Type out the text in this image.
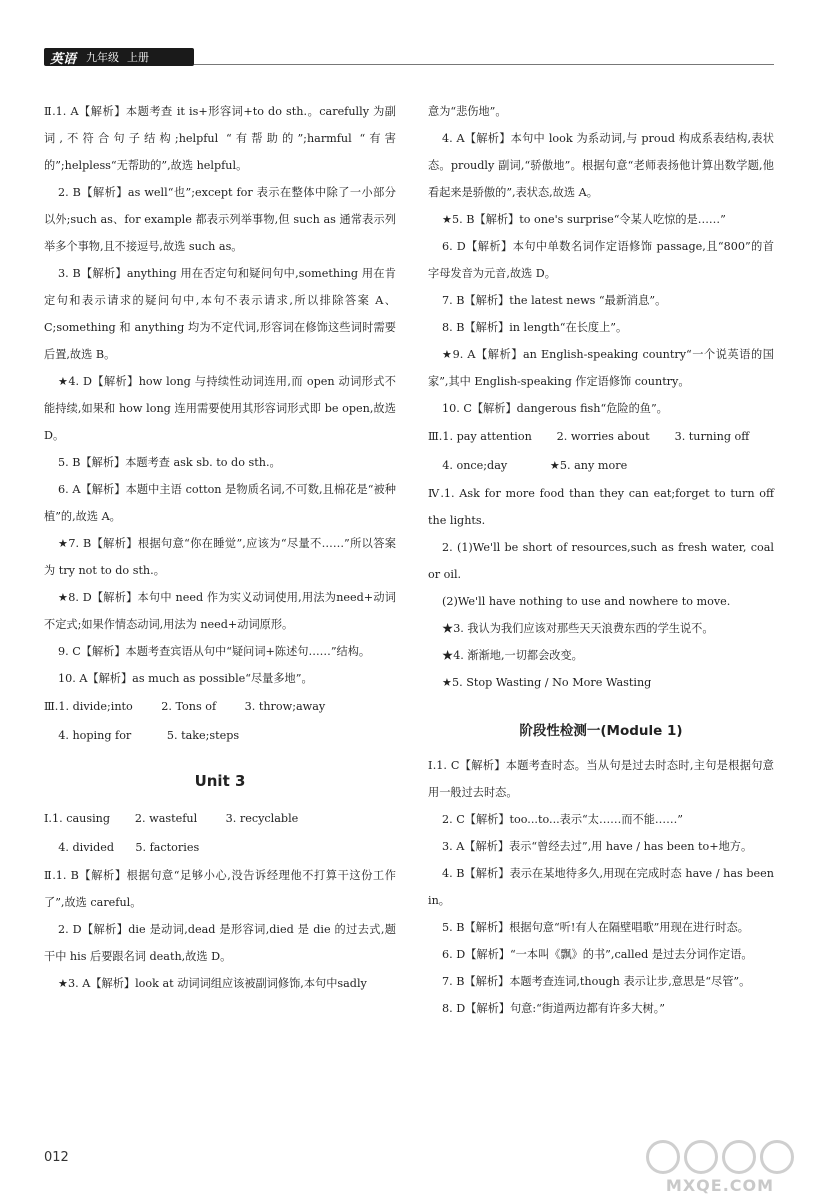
英语 九年级 上册

Ⅱ.1. A【解析】本题考查 it is+形容词+to do sth.。carefully 为副词,不符合句子结构;helpful “有帮助的”;harmful “有害的”;helpless“无帮助的”,故选 helpful。

2. B【解析】as well“也”;except for 表示在整体中除了一小部分以外;such as、for example 都表示列举事物,但 such as 通常表示列举多个事物,且不接逗号,故选 such as。

3. B【解析】anything 用在否定句和疑问句中,something 用在肯定句和表示请求的疑问句中,本句不表示请求,所以排除答案 A、C;something 和 anything 均为不定代词,形容词在修饰这些词时需要后置,故选 B。

★4. D【解析】how long 与持续性动词连用,而 open 动词形式不能持续,如果和 how long 连用需要使用其形容词形式即 be open,故选 D。

5. B【解析】本题考查 ask sb. to do sth.。

6. A【解析】本题中主语 cotton 是物质名词,不可数,且棉花是“被种植”的,故选 A。

★7. B【解析】根据句意“你在睡觉”,应该为“尽量不……”所以答案为 try not to do sth.。

★8. D【解析】本句中 need 作为实义动词使用,用法为need+动词不定式;如果作情态动词,用法为 need+动词原形。

9. C【解析】本题考查宾语从句中“疑问词+陈述句……”结构。

10. A【解析】as much as possible“尽量多地”。

Ⅲ.1. divide;into        2. Tons of        3. throw;away
4. hoping for          5. take;steps
Unit 3
Ⅰ.1. causing       2. wasteful        3. recyclable
4. divided      5. factories

Ⅱ.1. B【解析】根据句意“足够小心,没告诉经理他不打算干这份工作了”,故选 careful。

2. D【解析】die 是动词,dead 是形容词,died 是 die 的过去式,题干中 his 后要跟名词 death,故选 D。

★3. A【解析】look at 动词词组应该被副词修饰,本句中sadly

意为“悲伤地”。

4. A【解析】本句中 look 为系动词,与 proud 构成系表结构,表状态。proudly 副词,“骄傲地”。根据句意“老师表扬他计算出数学题,他看起来是骄傲的”,表状态,故选 A。

★5. B【解析】to one's surprise“令某人吃惊的是……”

6. D【解析】本句中单数名词作定语修饰 passage,且“800”的首字母发音为元音,故选 D。

7. B【解析】the latest news “最新消息”。

8. B【解析】in length“在长度上”。

★9. A【解析】an English-speaking country“一个说英语的国家”,其中 English-speaking 作定语修饰 country。

10. C【解析】dangerous fish“危险的鱼”。

Ⅲ.1. pay attention       2. worries about       3. turning off
4. once;day            ★5. any more

Ⅳ.1. Ask for more food than they can eat;forget to turn off the lights.

2. (1)We'll be short of resources,such as fresh water, coal or oil.

(2)We'll have nothing to use and nowhere to move.

★3. 我认为我们应该对那些天天浪费东西的学生说不。

★4. 渐渐地,一切都会改变。

★5. Stop Wasting / No More Wasting

阶段性检测一(Module 1)

Ⅰ.1. C【解析】本题考查时态。当从句是过去时态时,主句是根据句意用一般过去时态。

2. C【解析】too...to...表示“太……而不能……”

3. A【解析】表示“曾经去过”,用 have / has been to+地方。

4. B【解析】表示在某地待多久,用现在完成时态 have / has been in。

5. B【解析】根据句意“听!有人在隔壁唱歌”用现在进行时态。

6. D【解析】“一本叫《飘》的书”,called 是过去分词作定语。

7. B【解析】本题考查连词,though 表示让步,意思是“尽管”。

8. D【解析】句意:“街道两边都有许多大树。”

012
MXQE.COM
